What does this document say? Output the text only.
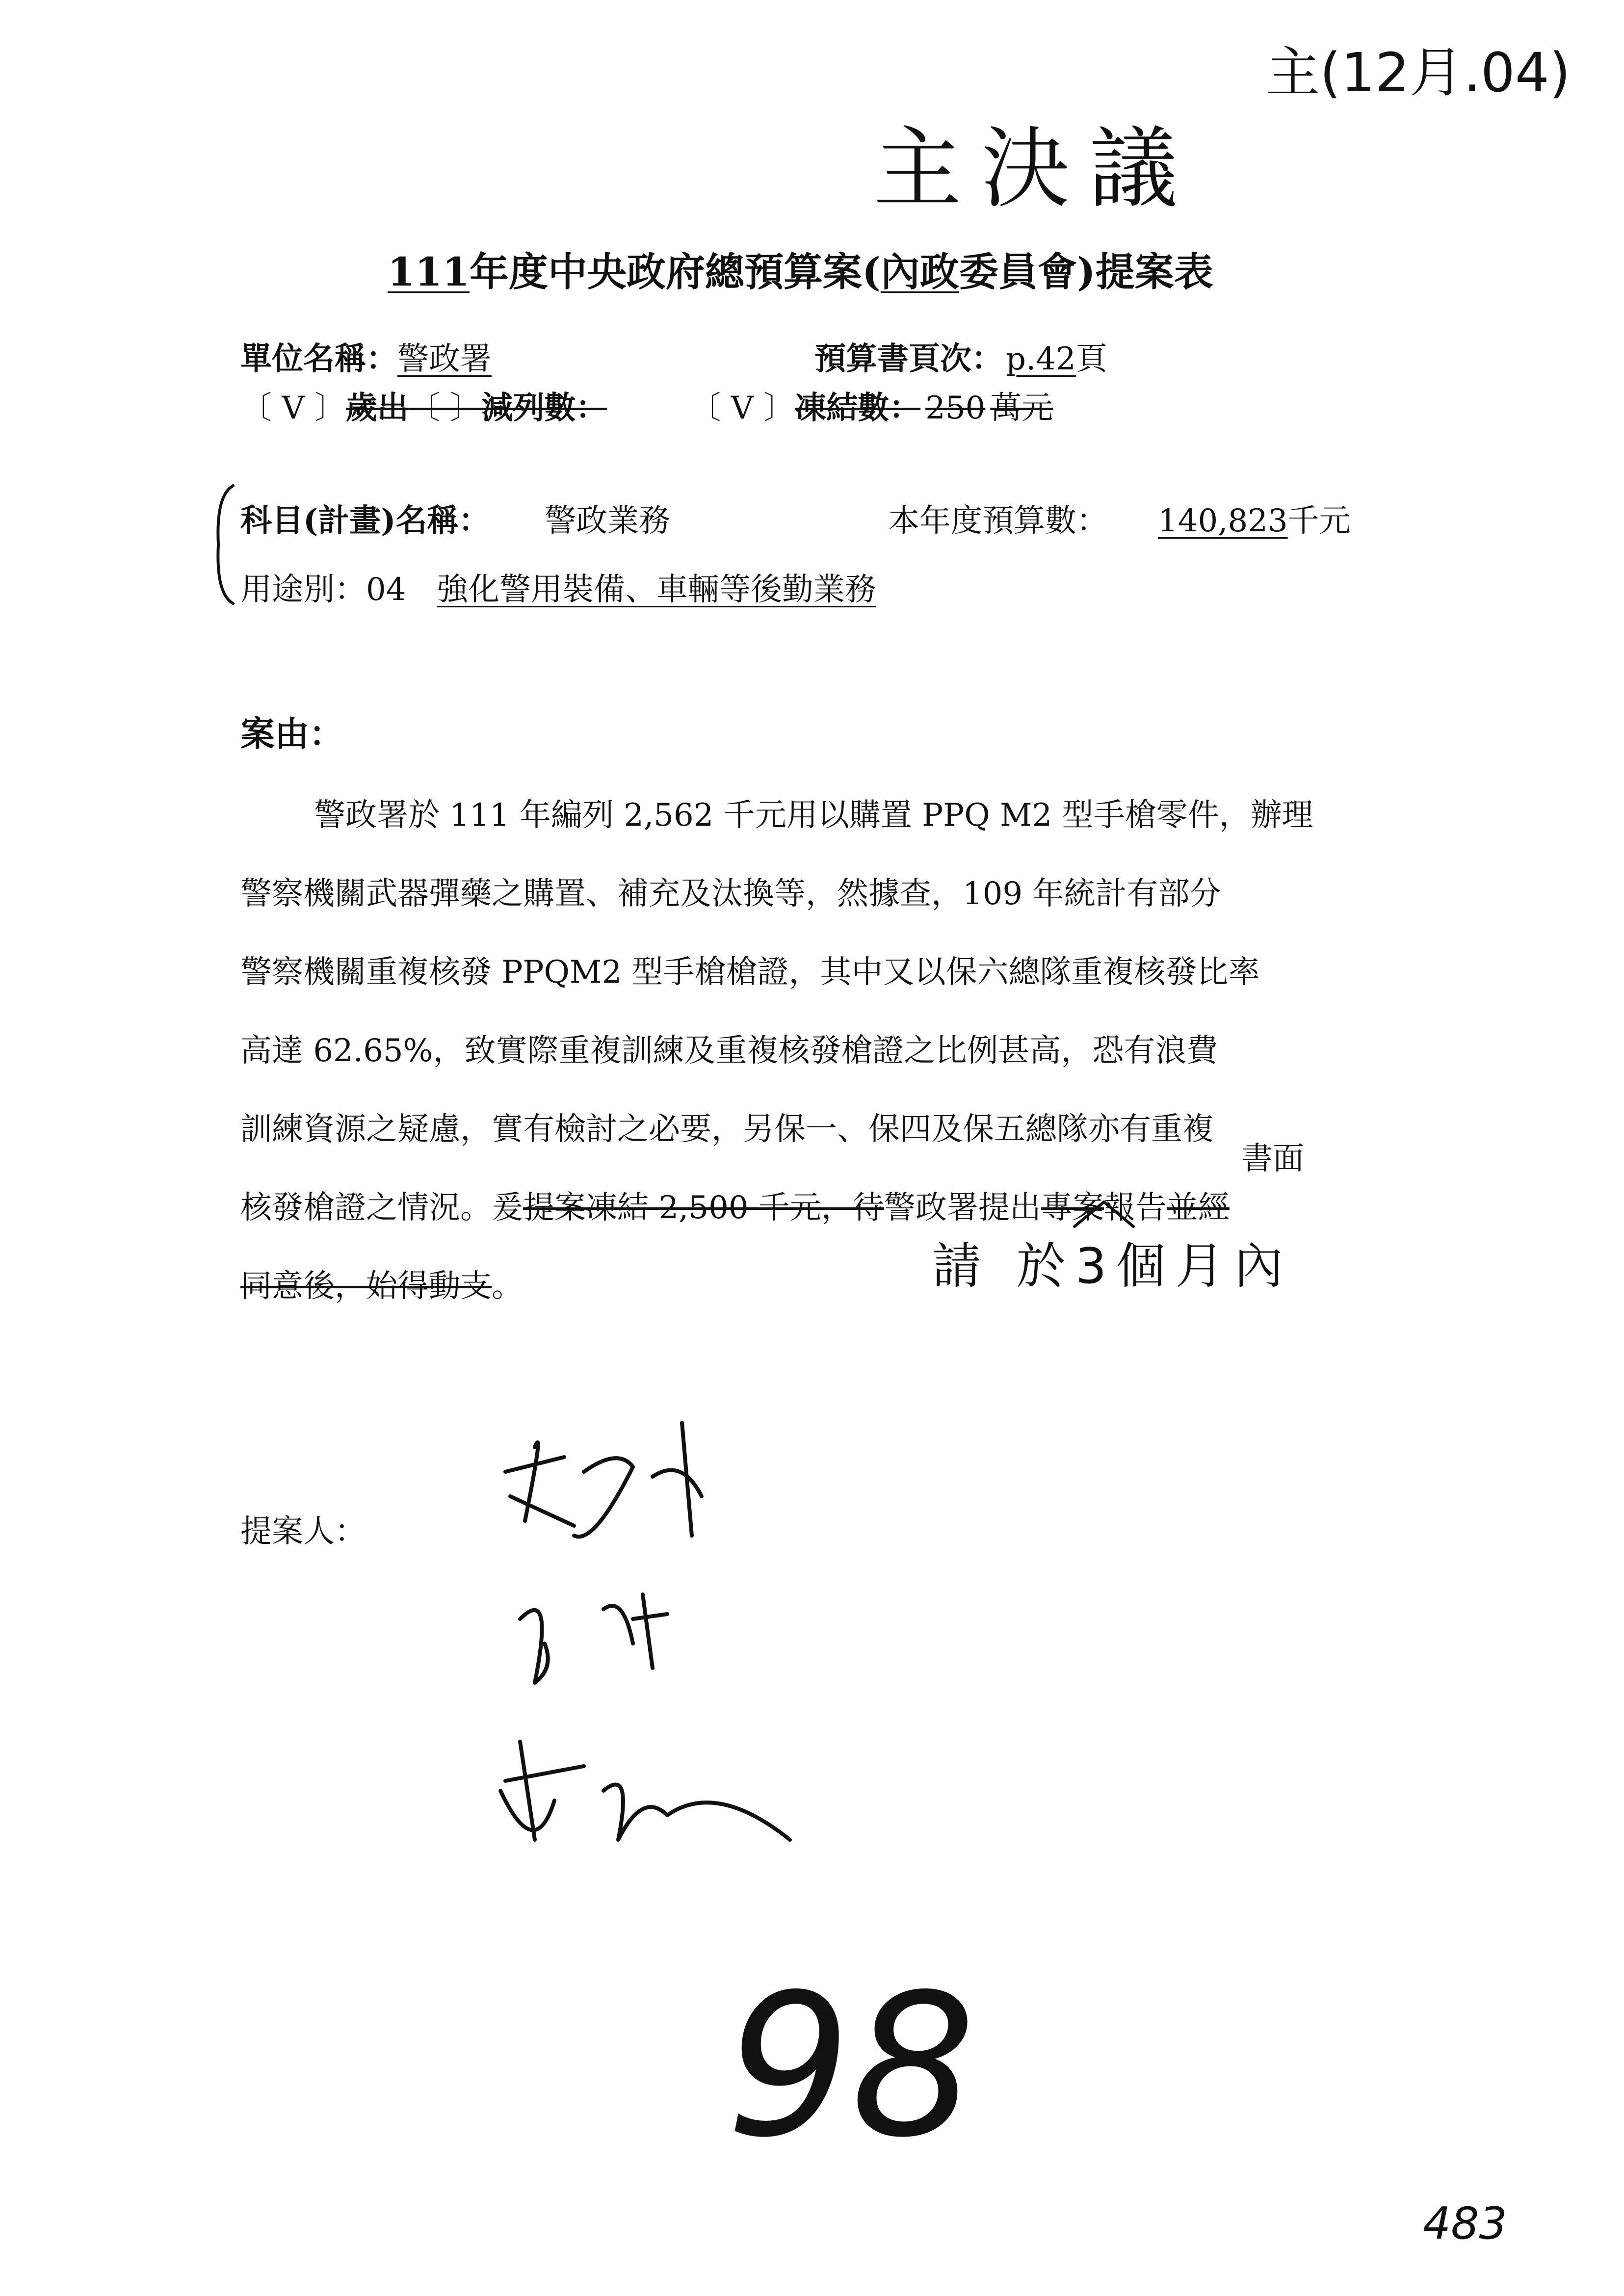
主(12月.04)
主決議
111年度中央政府總預算案(內政委員會)提案表
單位名稱： 警政署	預算書頁次： p.42頁
〔 V 〕歲出〔 〕減列數：	〔 V 〕凍結數： 250 萬元
科目(計畫)名稱： 警政業務	本年度預算數： 140,823千元
用途別：04 強化警用裝備、車輛等後勤業務
案由：
警政署於 111 年編列 2,562 千元用以購置 PPQ M2 型手槍零件，辦理
警察機關武器彈藥之購置、補充及汰換等，然據查，109 年統計有部分
警察機關重複核發 PPQM2 型手槍槍證，其中又以保六總隊重複核發比率
高達 62.65%，致實際重複訓練及重複核發槍證之比例甚高，恐有浪費
訓練資源之疑慮，實有檢討之必要，另保一、保四及保五總隊亦有重複
核發槍證之情況。爰提案凍結 2,500 千元，待警政署提出專案報告並經
同意後，始得動支。
書面
請 於3個月內
提案人：
98
483
